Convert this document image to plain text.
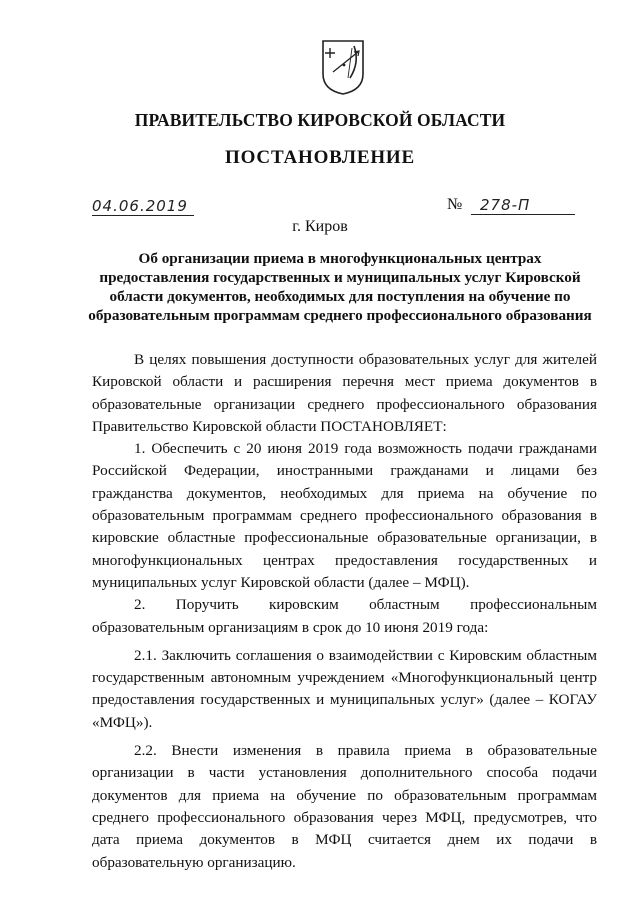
ПРАВИТЕЛЬСТВО КИРОВСКОЙ ОБЛАСТИ
ПОСТАНОВЛЕНИЕ
04.06.2019	№ 278-П
г. Киров
Об организации приема в многофункциональных центрах
предоставления государственных и муниципальных услуг Кировской
области документов, необходимых для поступления на обучение по
образовательным программам среднего профессионального образования

В целях повышения доступности образовательных услуг для жителей Кировской области и расширения перечня мест приема документов в образовательные организации среднего профессионального образования Правительство Кировской области ПОСТАНОВЛЯЕТ:

1. Обеспечить с 20 июня 2019 года возможность подачи гражданами Российской Федерации, иностранными гражданами и лицами без гражданства документов, необходимых для приема на обучение по образовательным программам среднего профессионального образования в кировские областные профессиональные образовательные организации, в многофункциональных центрах предоставления государственных и муниципальных услуг Кировской области (далее – МФЦ).

2. Поручить кировским областным профессиональным образовательным организациям в срок до 10 июня 2019 года:

2.1. Заключить соглашения о взаимодействии с Кировским областным государственным автономным учреждением «Многофункциональный центр предоставления государственных и муниципальных услуг» (далее – КОГАУ «МФЦ»).

2.2. Внести изменения в правила приема в образовательные организации в части установления дополнительного способа подачи документов для приема на обучение по образовательным программам среднего профессионального образования через МФЦ, предусмотрев, что дата приема документов в МФЦ считается днем их подачи в образовательную организацию.
